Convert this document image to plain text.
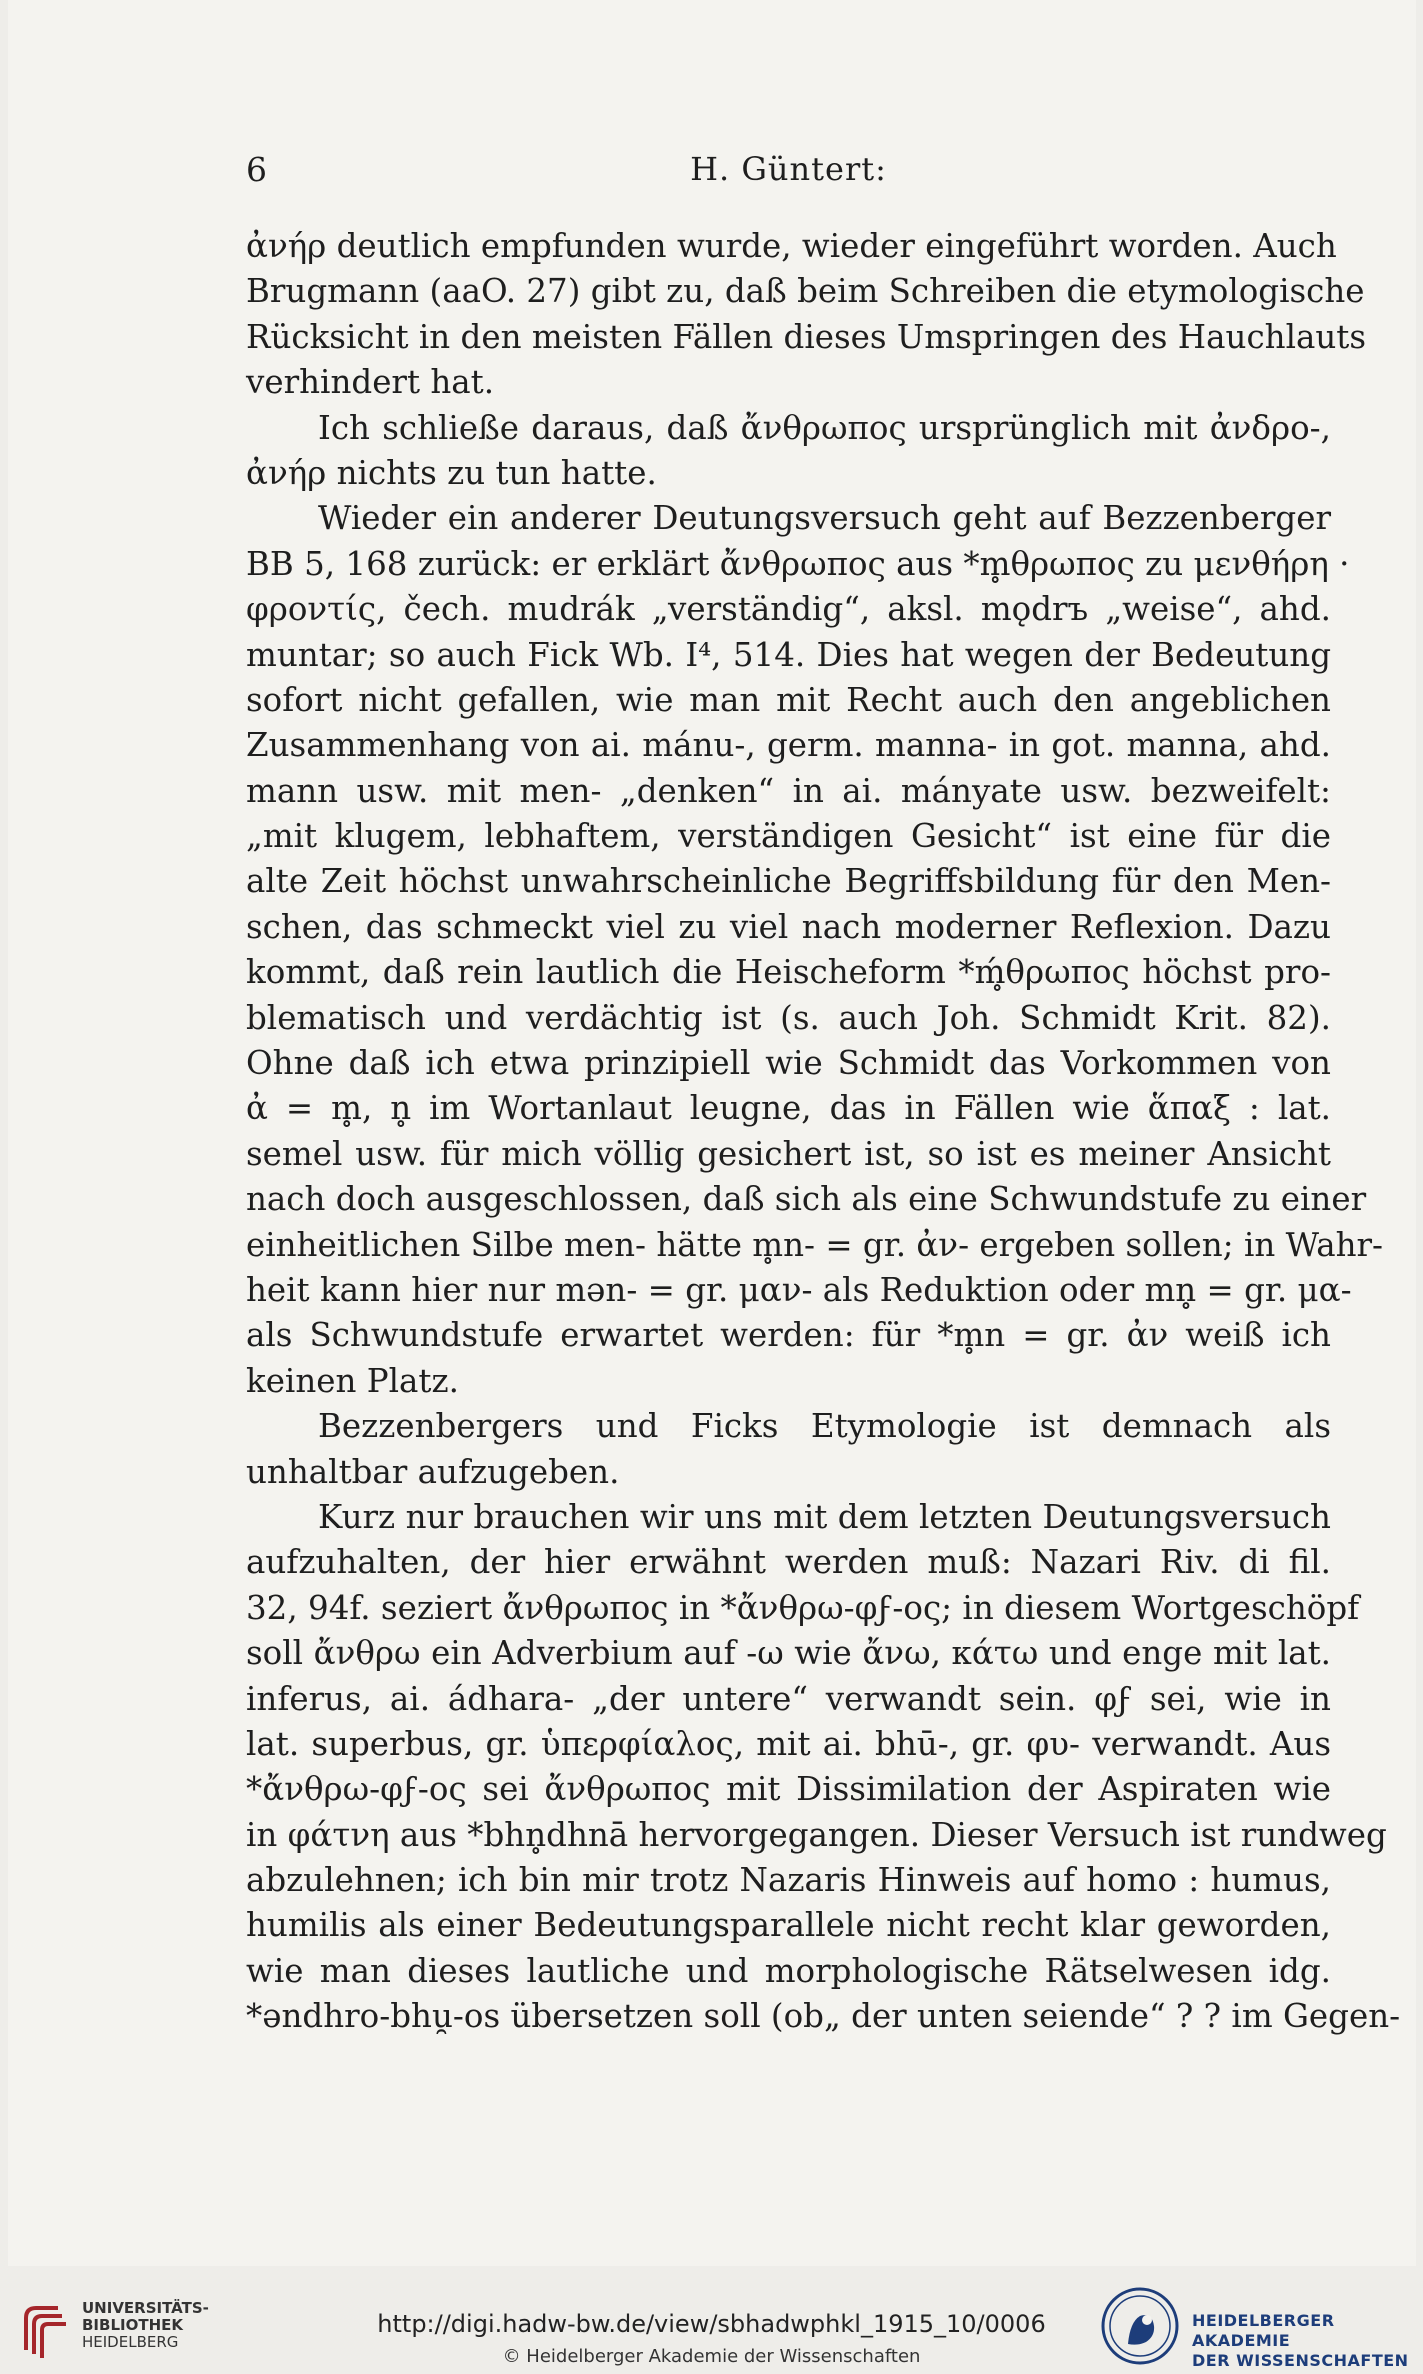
6	H. Güntert:
ἀνήρ deutlich empfunden wurde, wieder eingeführt worden. Auch
Brugmann (aaO. 27) gibt zu, daß beim Schreiben die etymologische
Rücksicht in den meisten Fällen dieses Umspringen des Hauchlauts
verhindert hat.
Ich schließe daraus, daß ἄνθρωπος ursprünglich mit ἀνδρο-,
ἀνήρ nichts zu tun hatte.
Wieder ein anderer Deutungsversuch geht auf Bezzenberger
BB 5, 168 zurück: er erklärt ἄνθρωπος aus *m̥θρωπος zu μενθήρη ·
φροντίς, čech. mudrák „verständig“, aksl. mǫdrъ „weise“, ahd.
muntar; so auch Fick Wb. I⁴, 514. Dies hat wegen der Bedeutung
sofort nicht gefallen, wie man mit Recht auch den angeblichen
Zusammenhang von ai. mánu-, germ. manna- in got. manna, ahd.
mann usw. mit men- „denken“ in ai. mányate usw. bezweifelt:
„mit klugem, lebhaftem, verständigen Gesicht“ ist eine für die
alte Zeit höchst unwahrscheinliche Begriffsbildung für den Men-
schen, das schmeckt viel zu viel nach moderner Reflexion. Dazu
kommt, daß rein lautlich die Heischeform *ḿ̥θρωπος höchst pro-
blematisch und verdächtig ist (s. auch Joh. Schmidt Krit. 82).
Ohne daß ich etwa prinzipiell wie Schmidt das Vorkommen von
ἀ = m̥, n̥ im Wortanlaut leugne, das in Fällen wie ἅπαξ : lat.
semel usw. für mich völlig gesichert ist, so ist es meiner Ansicht
nach doch ausgeschlossen, daß sich als eine Schwundstufe zu einer
einheitlichen Silbe men- hätte m̥n- = gr. ἀν- ergeben sollen; in Wahr-
heit kann hier nur mən- = gr. μαν- als Reduktion oder mn̥ = gr. μα-
als Schwundstufe erwartet werden: für *m̥n = gr. ἀν weiß ich
keinen Platz.
Bezzenbergers und Ficks Etymologie ist demnach als
unhaltbar aufzugeben.
Kurz nur brauchen wir uns mit dem letzten Deutungsversuch
aufzuhalten, der hier erwähnt werden muß: Nazari Riv. di fil.
32, 94f. seziert ἄνθρωπος in *ἄνθρω-φϝ-ος; in diesem Wortgeschöpf
soll ἄνθρω ein Adverbium auf -ω wie ἄνω, κάτω und enge mit lat.
inferus, ai. ádhara- „der untere“ verwandt sein. φϝ sei, wie in
lat. superbus, gr. ὑπερφίαλος, mit ai. bhū-, gr. φυ- verwandt. Aus
*ἄνθρω-φϝ-ος sei ἄνθρωπος mit Dissimilation der Aspiraten wie
in φάτνη aus *bhn̥dhnā hervorgegangen. Dieser Versuch ist rundweg
abzulehnen; ich bin mir trotz Nazaris Hinweis auf homo : humus,
humilis als einer Bedeutungsparallele nicht recht klar geworden,
wie man dieses lautliche und morphologische Rätselwesen idg.
*əndhro-bhu̯-os übersetzen soll (ob„ der unten seiende“ ? ? im Gegen-
UNIVERSITÄTS-
BIBLIOTHEK
HEIDELBERG
http://digi.hadw-bw.de/view/sbhadwphkl_1915_10/0006
© Heidelberger Akademie der Wissenschaften
HEIDELBERGER AKADEMIE
DER WISSENSCHAFTEN
